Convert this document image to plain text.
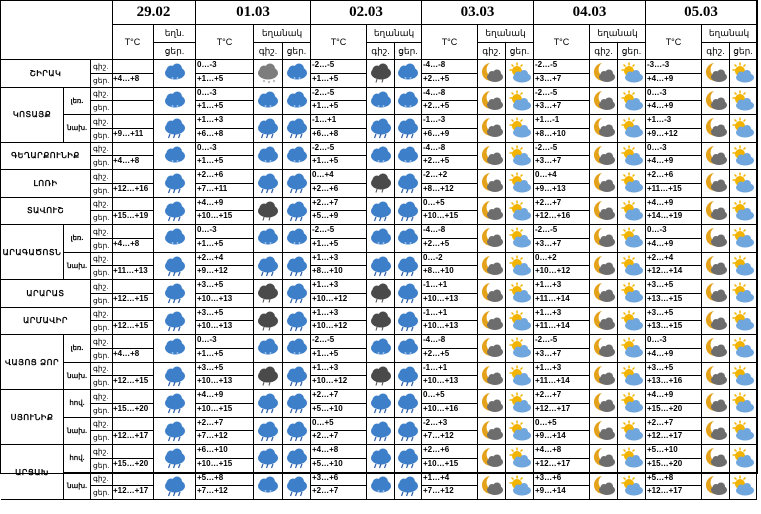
29.02
T°C
եղն.
ցեր.
01.03
T°C
եղանակ
գիշ.	ցեր.
02.03
T°C
եղանակ
գիշ. ցեր.
03.03
T°C
եղանակ
գիշ. ցեր.
04.03
T°C
եղանակ
գիշ. ցեր.
05.03
T°C
եղանակ
գիշ. ցեր.
ՇԻՐԱԿ
գիշ.
ցեր. +4…+8
0…-3
+1…+5
-2…-5
+1…+5
-4…-8
+2…+5
-2…-5
+3…+7
-3…-3
+4…+9
ԿՈՏԱՅՔ
լեռ.
գիշ.
ցեր.
0…-3
+1…+5
-2…-5
+1…+5
-4…-8
+2…+5
-2…-5
+3…+7
0…-3
+4…+9
նախ.
գիշ.
ցեր. +9…+11
+1…+3
+6…+8
-1…+1
+6…+8
-1…-3
+6…+9
+1…-1
+8…+10
+1…-3
+9…+12
ԳԵՂԱՐՔՈՒՆԻՔ
գիշ.
ցեր. +4…+8
0…-3
+1…+5
-2…-5
+1…+5
-4…-8
+2…+5
-2…-5
+3…+7
0…-3
+4…+9
ԼՈՌԻ
գիշ.
ցեր. +12…+16
+2…+6
+7…+11
0…+4
+2…+6
-2…+2
+8…+12
0…+4
+9…+13
+2…+6
+11…+15
ՏԱՎՈՒՇ
գիշ.
ցեր. +15…+19
+4…+9
+10…+15
+2…+7
+5…+9
0…+5
+10…+15
+2…+7
+12…+16
+4…+9
+14…+19
ԱՐԱԳԱԾՈՏՆ
լեռ.
գիշ.
ցեր. +4…+8
0…-3
+1…+5
-2…-5
+1…+5
-4…-8
+2…+5
-2…-5
+3…+7
0…-3
+4…+9
նախ.
գիշ.
ցեր. +11…+13
+2…+4
+9…+12
+1…+3
+8…+10
0…-2
+8…+10
0…+2
+10…+12
+2…+4
+12…+14
ԱՐԱՐԱՏ
գիշ.
ցեր. +12…+15
+3…+5
+10…+13
+1…+3
+10…+12
-1…+1
+10…+13
+1…+3
+11…+14
+3…+5
+13…+15
ԱՐՄԱՎԻՐ
գիշ.
ցեր. +12…+15
+3…+5
+10…+13
+1…+3
+10…+12
-1…+1
+10…+13
+1…+3
+11…+14
+3…+5
+13…+15
ՎԱՅՈՑ ՁՈՐ
լեռ.
գիշ.
ցեր. +4…+8
0…-3
+1…+5
-2…-5
+1…+5
-4…-8
+2…+5
-2…-5
+3…+7
0…-3
+4…+9
նախ.
գիշ.
ցեր. +12…+15
+3…+5
+10…+13
+1…+3
+10…+12
-1…+1
+10…+13
+1…+3
+11…+14
+3…+5
+13…+16
ՍՅՈՒՆԻՔ
հով.
գիշ.
ցեր. +15…+20
+4…+9
+10…+15
+2…+7
+5…+10
0…+5
+10…+16
+2…+7
+12…+17
+4…+9
+15…+20
նախ.
գիշ.
ցեր. +12…+17
+2…+7
+7…+12
0…+5
+2…+7
-2…+3
+7…+12
0…+5
+9…+14
+2…+7
+12…+17
ԱՐՑԱԽ
հով.
գիշ.
ցեր. +15…+20
+6…+10
+10…+15
+4…+8
+5…+10
+2…+6
+10…+15
+4…+8
+12…+17
+5…+10
+15…+20
նախ.
գիշ.
ցեր. +12…+17
+5…+8
+7…+12
+3…+6
+2…+7
+1…+4
+7…+12
+3…+6
+9…+14
+5…+8
+12…+17
